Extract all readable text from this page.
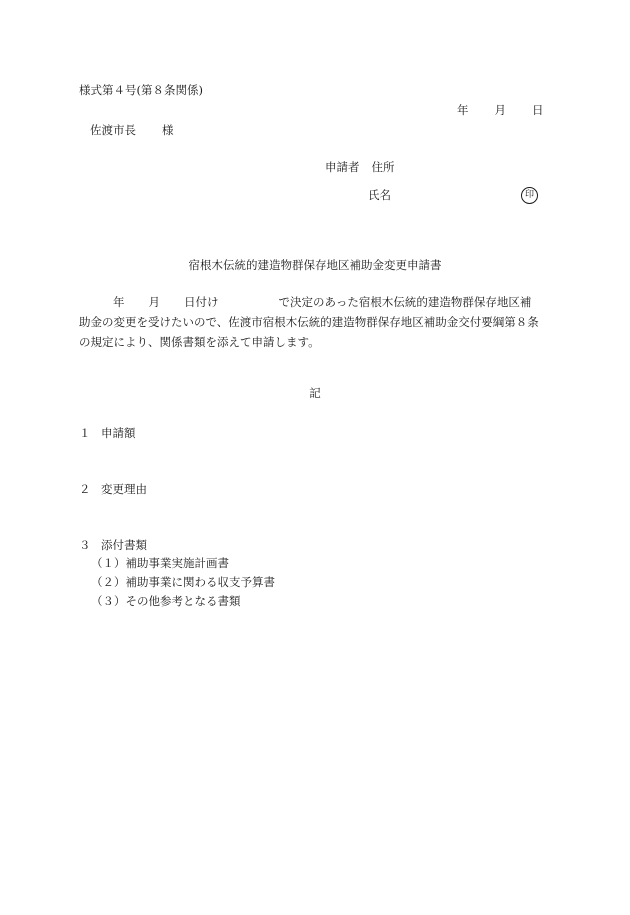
様式第４号(第８条関係)
年 月 日
佐渡市長 様
申請者 住所
氏名	印
宿根木伝統的建造物群保存地区補助金変更申請書
年 月 日付け	で決定のあった宿根木伝統的建造物群保存地区補
助金の変更を受けたいので、佐渡市宿根木伝統的建造物群保存地区補助金交付要綱第８条
の規定により、関係書類を添えて申請します。
記
１ 申請額
２ 変更理由
３ 添付書類
（１）補助事業実施計画書
（２）補助事業に関わる収支予算書
（３）その他参考となる書類
